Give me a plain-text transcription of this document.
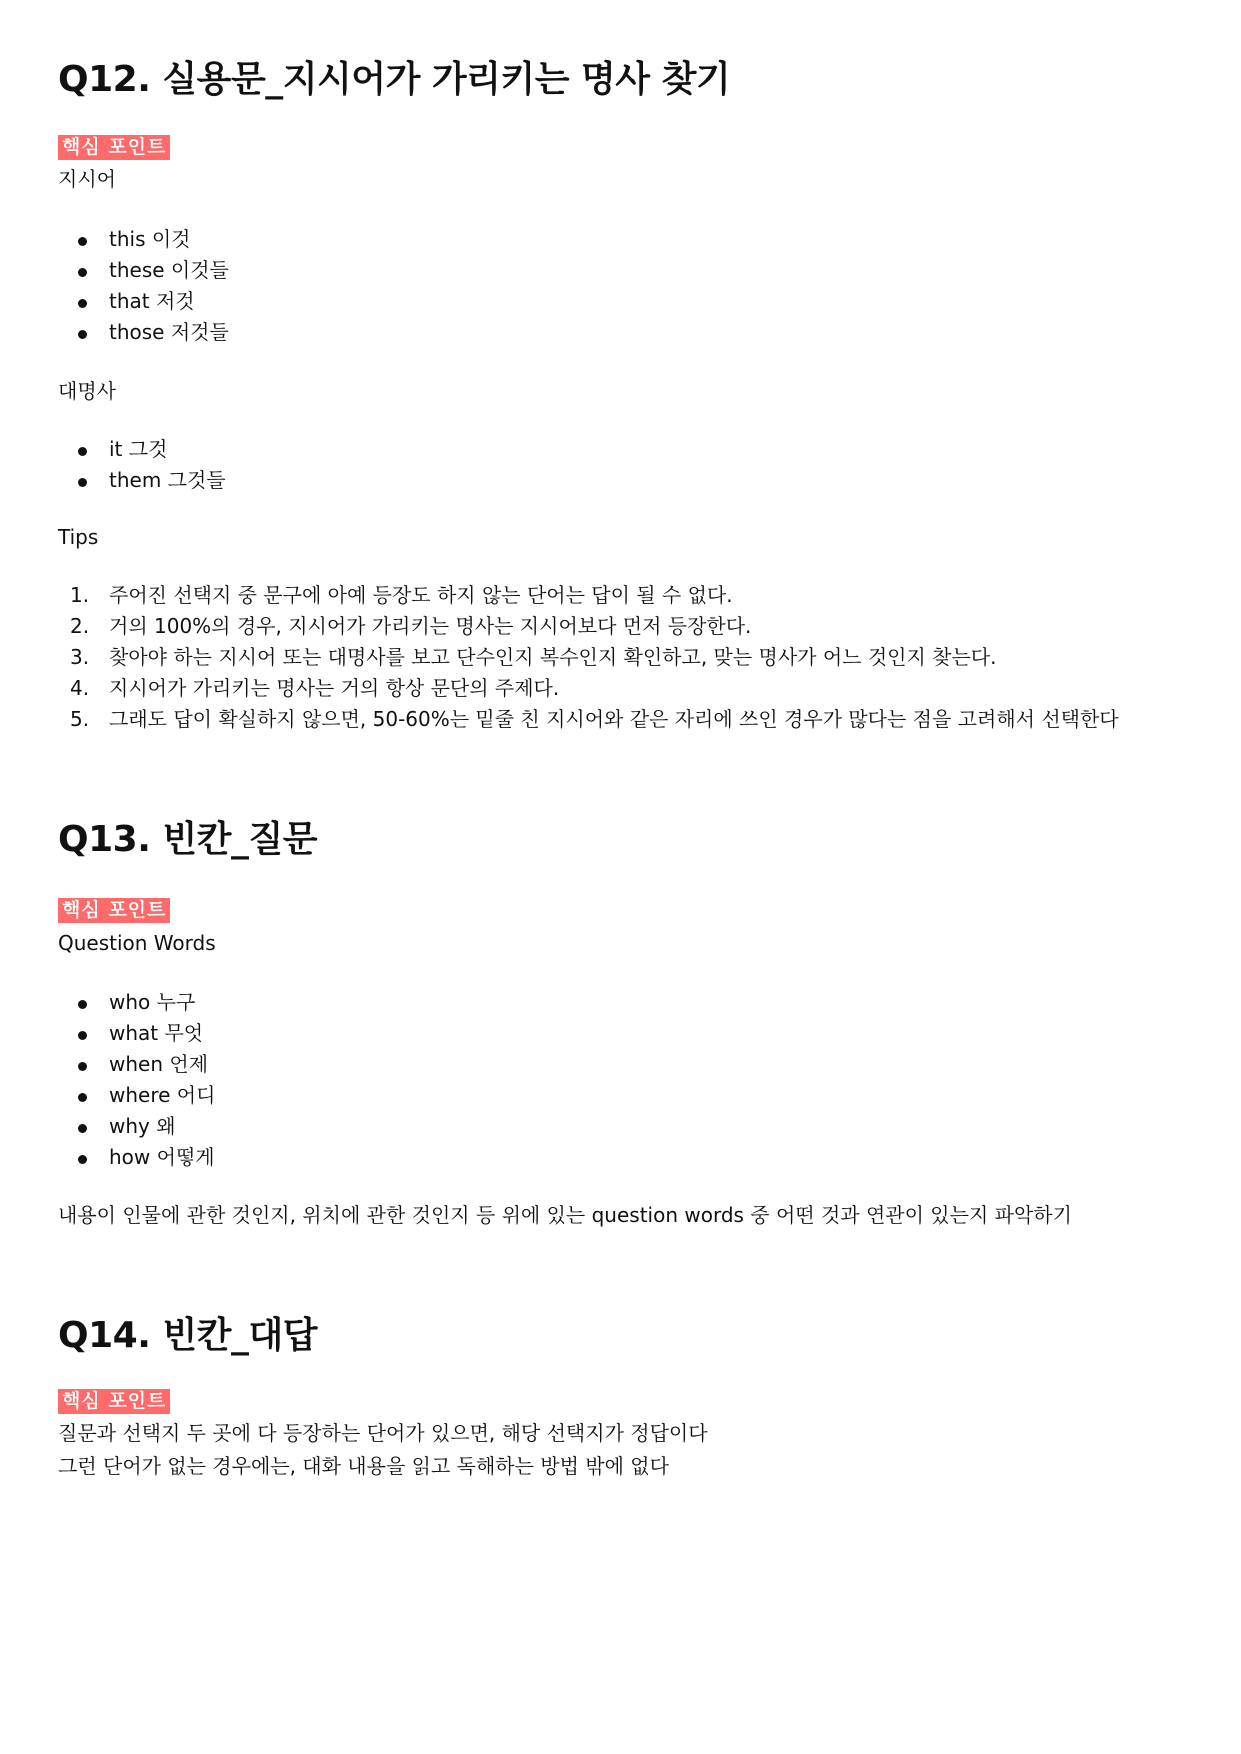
Q12. 실용문_지시어가 가리키는 명사 찾기
핵심 포인트

지시어

this 이것
these 이것들
that 저것
those 저것들

대명사

it 그것
them 그것들

Tips

1. 주어진 선택지 중 문구에 아예 등장도 하지 않는 단어는 답이 될 수 없다.
2. 거의 100%의 경우, 지시어가 가리키는 명사는 지시어보다 먼저 등장한다.
3. 찾아야 하는 지시어 또는 대명사를 보고 단수인지 복수인지 확인하고, 맞는 명사가 어느 것인지 찾는다.
4. 지시어가 가리키는 명사는 거의 항상 문단의 주제다.
5. 그래도 답이 확실하지 않으면, 50-60%는 밑줄 친 지시어와 같은 자리에 쓰인 경우가 많다는 점을 고려해서 선택한다
Q13. 빈칸_질문
핵심 포인트

Question Words

who 누구
what 무엇
when 언제
where 어디
why 왜
how 어떻게

내용이 인물에 관한 것인지, 위치에 관한 것인지 등 위에 있는 question words 중 어떤 것과 연관이 있는지 파악하기

Q14. 빈칸_대답
핵심 포인트

질문과 선택지 두 곳에 다 등장하는 단어가 있으면, 해당 선택지가 정답이다

그런 단어가 없는 경우에는, 대화 내용을 읽고 독해하는 방법 밖에 없다
